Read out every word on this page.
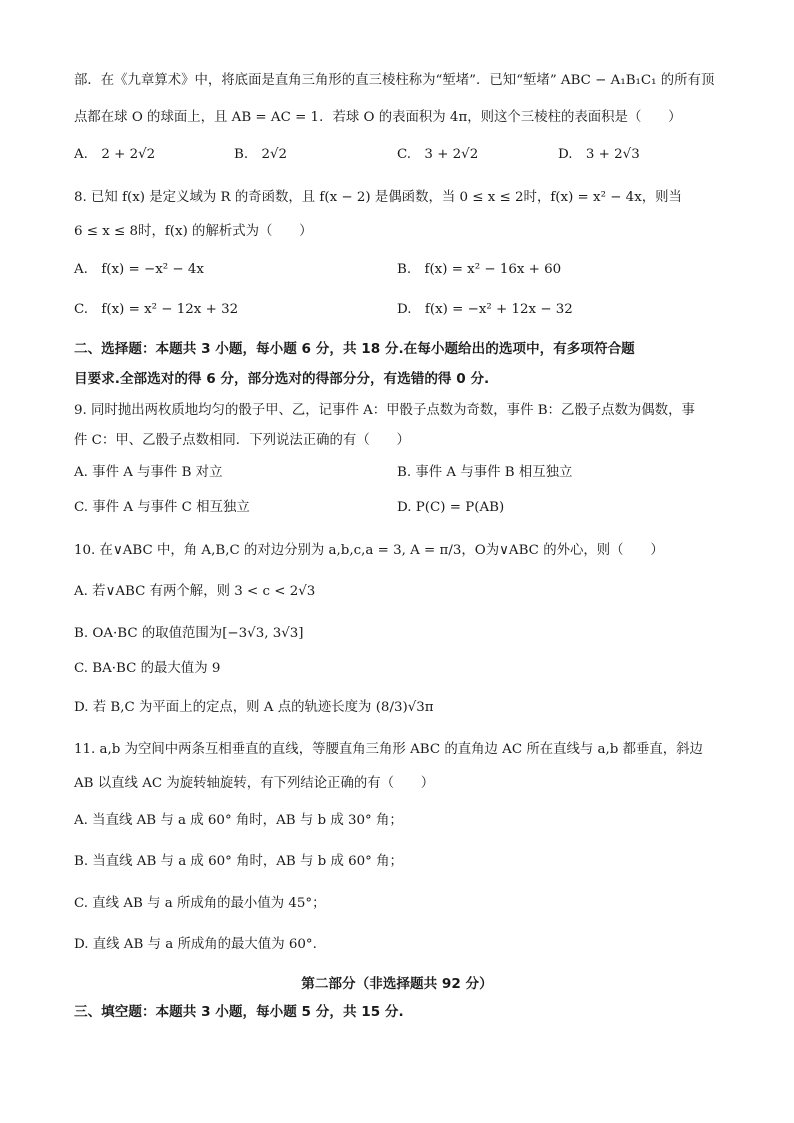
部．在《九章算术》中，将底面是直角三角形的直三棱柱称为“堑堵”．已知“堑堵” ABC − A₁B₁C₁ 的所有顶
点都在球 O 的球面上，且 AB = AC = 1．若球 O 的表面积为 4π，则这个三棱柱的表面积是（　　）
A.　2 + 2√2	B.　2√2	C.　3 + 2√2	D.　3 + 2√3
8. 已知 f(x) 是定义域为 R 的奇函数，且 f(x − 2) 是偶函数，当 0 ≤ x ≤ 2时，f(x) = x² − 4x，则当
6 ≤ x ≤ 8时，f(x) 的解析式为（　　）
A.　f(x) = −x² − 4x	B.　f(x) = x² − 16x + 60
C.　f(x) = x² − 12x + 32	D.　f(x) = −x² + 12x − 32
二、选择题：本题共 3 小题，每小题 6 分，共 18 分.在每小题给出的选项中，有多项符合题
目要求.全部选对的得 6 分，部分选对的得部分分，有选错的得 0 分.
9. 同时抛出两枚质地均匀的骰子甲、乙，记事件 A：甲骰子点数为奇数，事件 B：乙骰子点数为偶数，事
件 C：甲、乙骰子点数相同．下列说法正确的有（　　）
A. 事件 A 与事件 B 对立	B. 事件 A 与事件 B 相互独立
C. 事件 A 与事件 C 相互独立	D. P(C) = P(AB)
10. 在∨ABC 中，角 A,B,C 的对边分别为 a,b,c,a = 3, A = π/3，O为∨ABC 的外心，则（　　）
A. 若∨ABC 有两个解，则 3 < c < 2√3
B. OA·BC 的取值范围为[−3√3, 3√3]
C. BA·BC 的最大值为 9
D. 若 B,C 为平面上的定点，则 A 点的轨迹长度为 (8/3)√3π
11. a,b 为空间中两条互相垂直的直线，等腰直角三角形 ABC 的直角边 AC 所在直线与 a,b 都垂直，斜边
AB 以直线 AC 为旋转轴旋转，有下列结论正确的有（　　）
A. 当直线 AB 与 a 成 60° 角时，AB 与 b 成 30° 角；
B. 当直线 AB 与 a 成 60° 角时，AB 与 b 成 60° 角；
C. 直线 AB 与 a 所成角的最小值为 45°；
D. 直线 AB 与 a 所成角的最大值为 60°.
第二部分（非选择题共 92 分）
三、填空题：本题共 3 小题，每小题 5 分，共 15 分.
